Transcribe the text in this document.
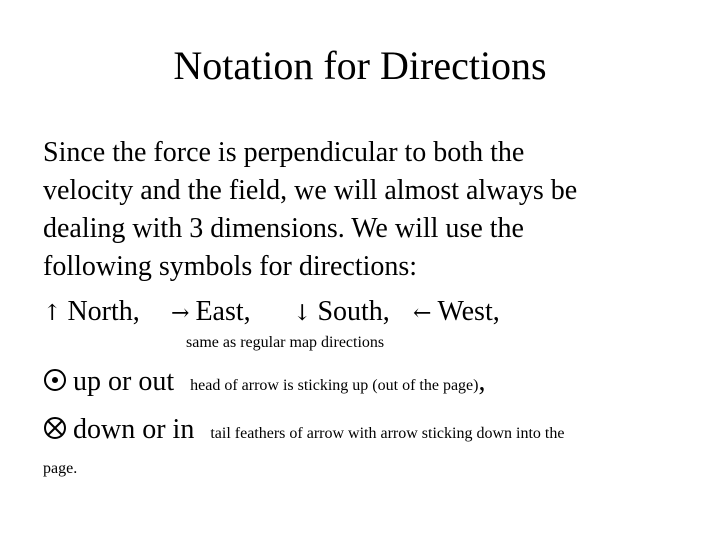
Notation for Directions
Since the force is perpendicular to both the
velocity and the field, we will almost always be
dealing with 3 dimensions. We will use the
following symbols for directions:
↑ North, → East, ↓ South, ← West,
same as regular map directions
up or out head of arrow is sticking up (out of the page),
down or in tail feathers of arrow with arrow sticking down into the
page.
